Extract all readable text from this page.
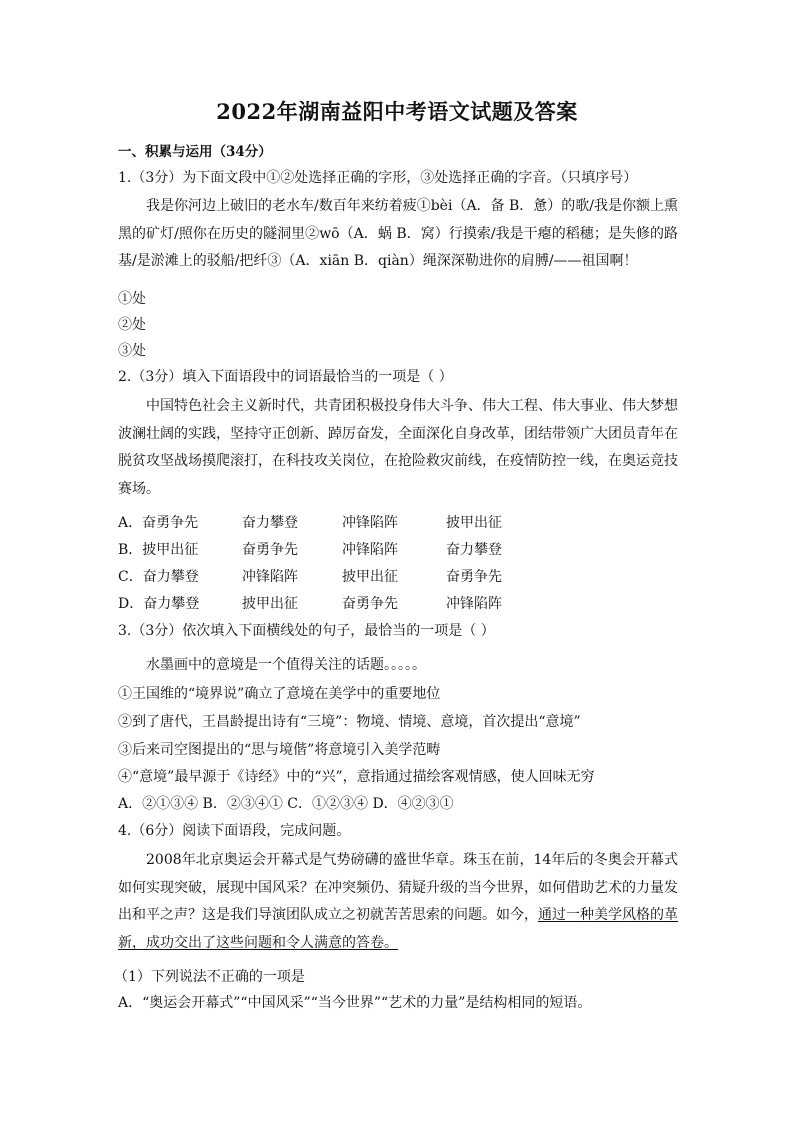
2022年湖南益阳中考语文试题及答案
一、积累与运用（34分）
1.（3分）为下面文段中①②处选择正确的字形，③处选择正确的字音。（只填序号）
我是你河边上破旧的老水车/数百年来纺着疲①bèi（A．备 B．惫）的歌/我是你额上熏黑的矿灯/照你在历史的隧洞里②wō（A．蜗 B．窝）行摸索/我是干瘪的稻穗；是失修的路基/是淤滩上的驳船/把纤③（A．xiān B．qiàn）绳深深勒进你的肩膊/——祖国啊！
①处
②处
③处
2.（3分）填入下面语段中的词语最恰当的一项是（ ）
中国特色社会主义新时代，共青团积极投身伟大斗争、伟大工程、伟大事业、伟大梦想波澜壮阔的实践，坚持守正创新、踔厉奋发，全面深化自身改革，团结带领广大团员青年在脱贫攻坚战场摸爬滚打，在科技攻关岗位，在抢险救灾前线，在疫情防控一线，在奥运竞技赛场。
A．奋勇争先	奋力攀登	冲锋陷阵	披甲出征
B．披甲出征	奋勇争先	冲锋陷阵	奋力攀登
C．奋力攀登	冲锋陷阵	披甲出征	奋勇争先
D．奋力攀登	披甲出征	奋勇争先	冲锋陷阵
3.（3分）依次填入下面横线处的句子，最恰当的一项是（ ）
水墨画中的意境是一个值得关注的话题。。。。。
①王国维的“境界说”确立了意境在美学中的重要地位
②到了唐代，王昌龄提出诗有“三境”：物境、情境、意境，首次提出“意境”
③后来司空图提出的“思与境偕”将意境引入美学范畴
④“意境”最早源于《诗经》中的“兴”，意指通过描绘客观情感，使人回味无穷
A．②①③④ B．②③④① C．①②③④ D．④②③①
4.（6分）阅读下面语段，完成问题。
2008年北京奥运会开幕式是气势磅礴的盛世华章。珠玉在前，14年后的冬奥会开幕式如何实现突破，展现中国风采？在冲突频仍、猜疑升级的当今世界，如何借助艺术的力量发出和平之声？这是我们导演团队成立之初就苦苦思索的问题。如今，通过一种美学风格的革新，成功交出了这些问题和令人满意的答卷。
（1）下列说法不正确的一项是
A．“奥运会开幕式”“中国风采”“当今世界”“艺术的力量”是结构相同的短语。
